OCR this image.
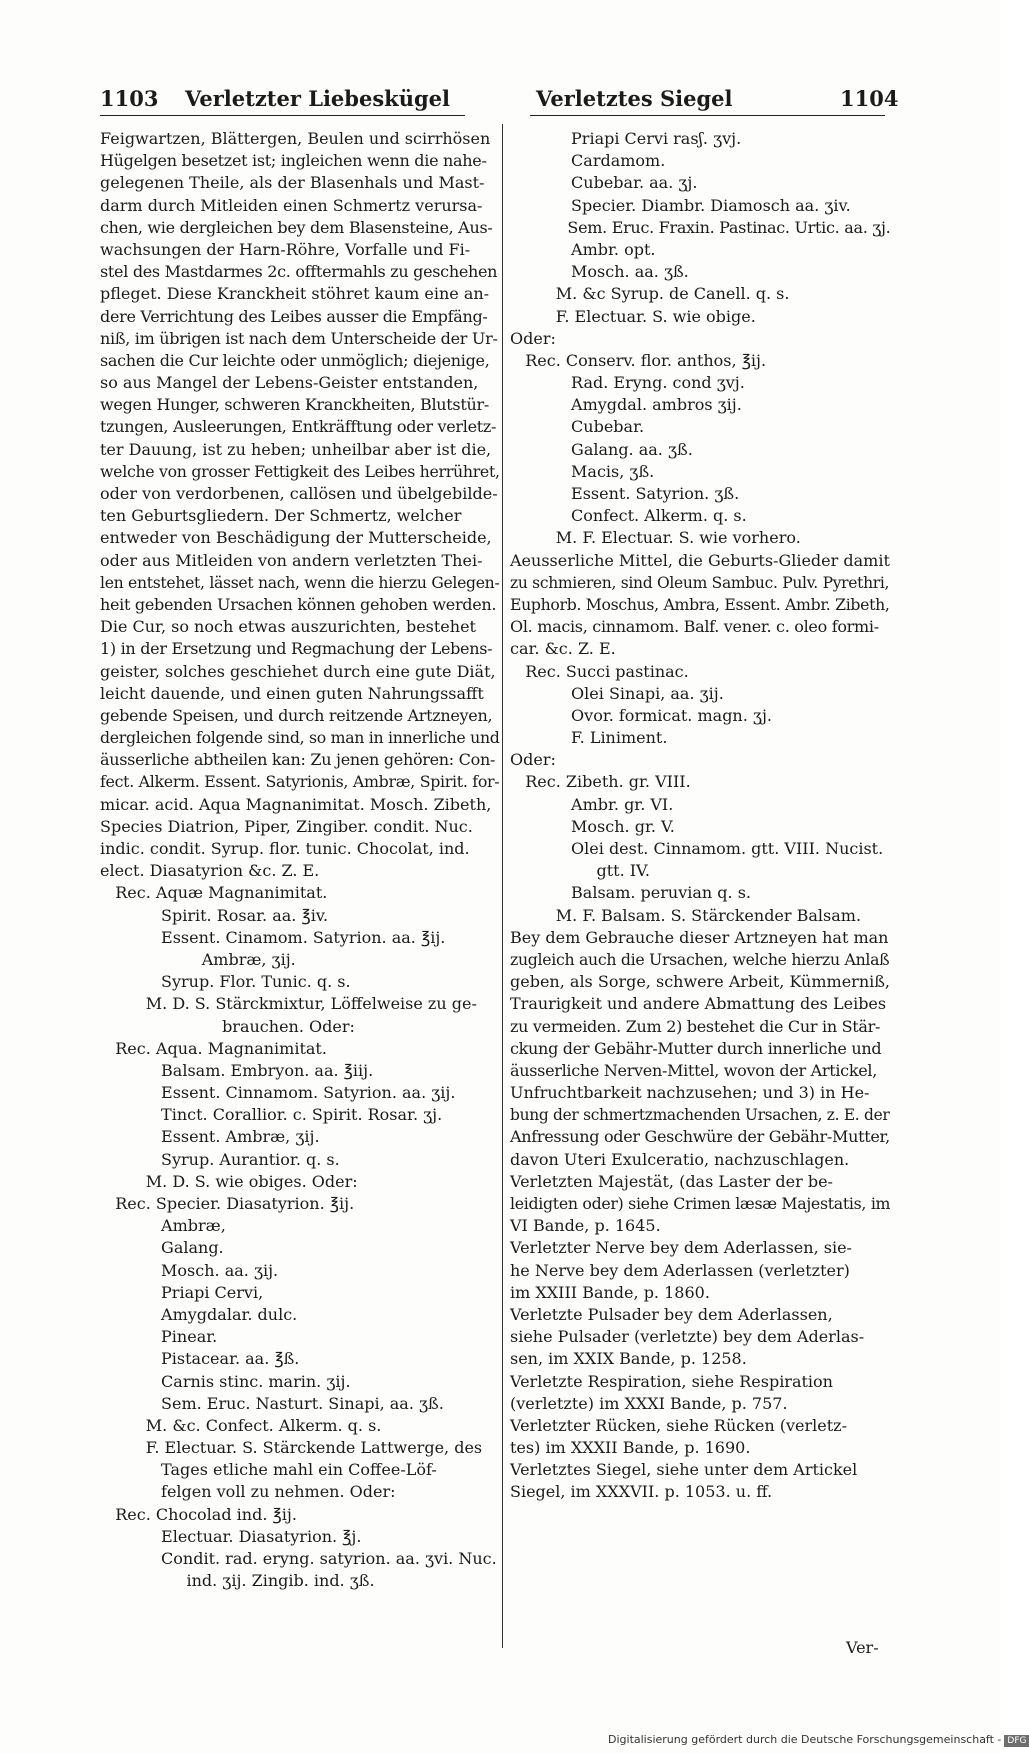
1103 Verletzter Liebeskügel	Verletztes Siegel	1104
Feigwartzen, Blättergen, Beulen und scirrhösen
Hügelgen besetzet ist; ingleichen wenn die nahe-
gelegenen Theile, als der Blasenhals und Mast-
darm durch Mitleiden einen Schmertz verursa-
chen, wie dergleichen bey dem Blasensteine, Aus-
wachsungen der Harn-Röhre, Vorfalle und Fi-
stel des Mastdarmes 2c. offtermahls zu geschehen
pfleget. Diese Kranckheit stöhret kaum eine an-
dere Verrichtung des Leibes ausser die Empfäng-
niß, im übrigen ist nach dem Unterscheide der Ur-
sachen die Cur leichte oder unmöglich; diejenige,
so aus Mangel der Lebens-Geister entstanden,
wegen Hunger, schweren Kranckheiten, Blutstür-
tzungen, Ausleerungen, Entkräfftung oder verletz-
ter Dauung, ist zu heben; unheilbar aber ist die,
welche von grosser Fettigkeit des Leibes herrühret,
oder von verdorbenen, callösen und übelgebilde-
ten Geburtsgliedern. Der Schmertz, welcher
entweder von Beschädigung der Mutterscheide,
oder aus Mitleiden von andern verletzten Thei-
len entstehet, lässet nach, wenn die hierzu Gelegen-
heit gebenden Ursachen können gehoben werden.
Die Cur, so noch etwas auszurichten, bestehet
1) in der Ersetzung und Regmachung der Lebens-
geister, solches geschiehet durch eine gute Diät,
leicht dauende, und einen guten Nahrungssafft
gebende Speisen, und durch reitzende Artzneyen,
dergleichen folgende sind, so man in innerliche und
äusserliche abtheilen kan: Zu jenen gehören: Con-
fect. Alkerm. Essent. Satyrionis, Ambræ, Spirit. for-
micar. acid. Aqua Magnanimitat. Mosch. Zibeth,
Species Diatrion, Piper, Zingiber. condit. Nuc.
indic. condit. Syrup. flor. tunic. Chocolat, ind.
elect. Diasatyrion &c. Z. E.
Rec. Aquæ Magnanimitat.
Spirit. Rosar. aa. ℥iv.
Essent. Cinamom. Satyrion. aa. ℥ij.
Ambræ, ʒij.
Syrup. Flor. Tunic. q. s.
M. D. S. Stärckmixtur, Löffelweise zu ge-
brauchen. Oder:
Rec. Aqua. Magnanimitat.
Balsam. Embryon. aa. ℥iij.
Essent. Cinnamom. Satyrion. aa. ʒij.
Tinct. Corallior. c. Spirit. Rosar. ʒj.
Essent. Ambræ, ʒij.
Syrup. Aurantior. q. s.
M. D. S. wie obiges. Oder:
Rec. Specier. Diasatyrion. ℥ij.
Ambræ,
Galang.
Mosch. aa. ʒij.
Priapi Cervi,
Amygdalar. dulc.
Pinear.
Pistacear. aa. ℥ß.
Carnis stinc. marin. ʒij.
Sem. Eruc. Nasturt. Sinapi, aa. ʒß.
M. &c. Confect. Alkerm. q. s.
F. Electuar. S. Stärckende Lattwerge, des
Tages etliche mahl ein Coffee-Löf-
felgen voll zu nehmen. Oder:
Rec. Chocolad ind. ℥ij.
Electuar. Diasatyrion. ℥j.
Condit. rad. eryng. satyrion. aa. ʒvi. Nuc.
ind. ʒij. Zingib. ind. ʒß.
Priapi Cervi rasʃ. ʒvj.
Cardamom.
Cubebar. aa. ʒj.
Specier. Diambr. Diamosch aa. ʒiv.
Sem. Eruc. Fraxin. Pastinac. Urtic. aa. ʒj.
Ambr. opt.
Mosch. aa. ʒß.
M. &c Syrup. de Canell. q. s.
F. Electuar. S. wie obige.
Oder:
Rec. Conserv. flor. anthos, ℥ij.
Rad. Eryng. cond ʒvj.
Amygdal. ambros ʒij.
Cubebar.
Galang. aa. ʒß.
Macis, ʒß.
Essent. Satyrion. ʒß.
Confect. Alkerm. q. s.
M. F. Electuar. S. wie vorhero.
Aeusserliche Mittel, die Geburts-Glieder damit
zu schmieren, sind Oleum Sambuc. Pulv. Pyrethri,
Euphorb. Moschus, Ambra, Essent. Ambr. Zibeth,
Ol. macis, cinnamom. Balf. vener. c. oleo formi-
car. &c. Z. E.
Rec. Succi pastinac.
Olei Sinapi, aa. ʒij.
Ovor. formicat. magn. ʒj.
F. Liniment.
Oder:
Rec. Zibeth. gr. VIII.
Ambr. gr. VI.
Mosch. gr. V.
Olei dest. Cinnamom. gtt. VIII. Nucist.
gtt. IV.
Balsam. peruvian q. s.
M. F. Balsam. S. Stärckender Balsam.
Bey dem Gebrauche dieser Artzneyen hat man
zugleich auch die Ursachen, welche hierzu Anlaß
geben, als Sorge, schwere Arbeit, Kümmerniß,
Traurigkeit und andere Abmattung des Leibes
zu vermeiden. Zum 2) bestehet die Cur in Stär-
ckung der Gebähr-Mutter durch innerliche und
äusserliche Nerven-Mittel, wovon der Artickel,
Unfruchtbarkeit nachzusehen; und 3) in He-
bung der schmertzmachenden Ursachen, z. E. der
Anfressung oder Geschwüre der Gebähr-Mutter,
davon Uteri Exulceratio, nachzuschlagen.
Verletzten Majestät, (das Laster der be-
leidigten oder) siehe Crimen læsæ Majestatis, im
VI Bande, p. 1645.
Verletzter Nerve bey dem Aderlassen, sie-
he Nerve bey dem Aderlassen (verletzter)
im XXIII Bande, p. 1860.
Verletzte Pulsader bey dem Aderlassen,
siehe Pulsader (verletzte) bey dem Aderlas-
sen, im XXIX Bande, p. 1258.
Verletzte Respiration, siehe Respiration
(verletzte) im XXXI Bande, p. 757.
Verletzter Rücken, siehe Rücken (verletz-
tes) im XXXII Bande, p. 1690.
Verletztes Siegel, siehe unter dem Artickel
Siegel, im XXXVII. p. 1053. u. ff.
Ver-
Digitalisierung gefördert durch die Deutsche Forschungsgemeinschaft - DFG
